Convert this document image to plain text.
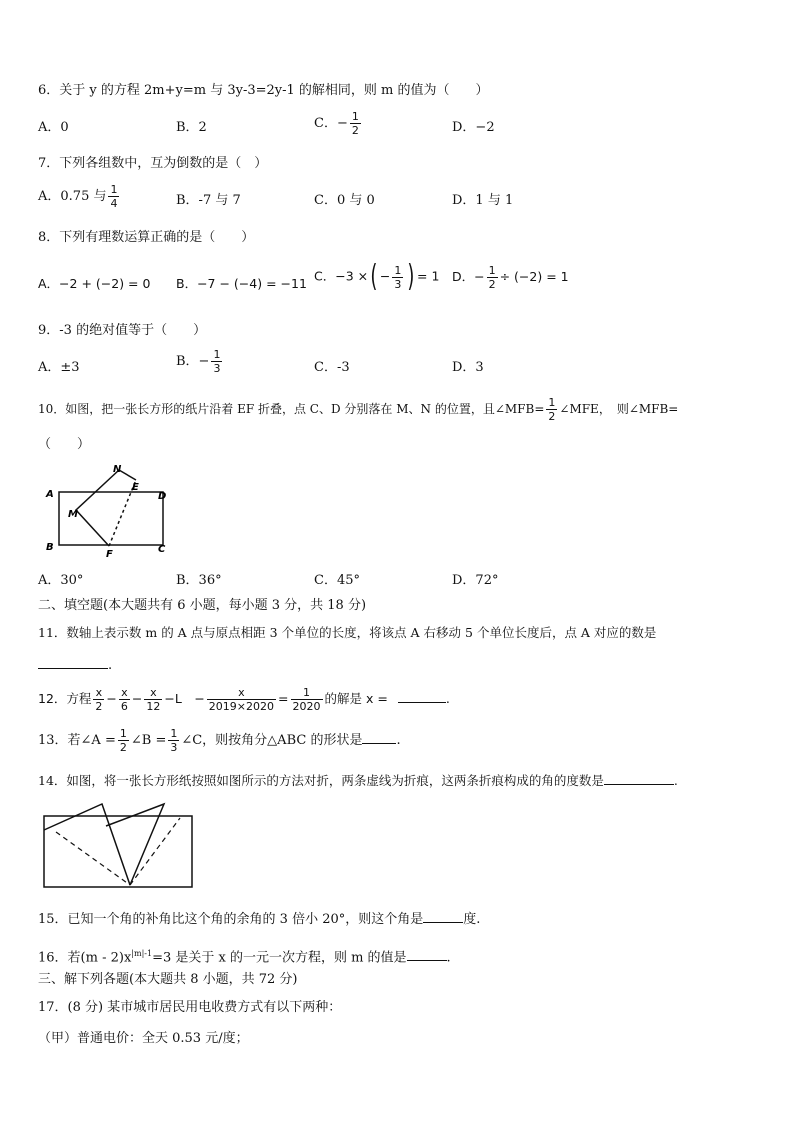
6．关于 y 的方程 2m+y=m 与 3y-3=2y-1 的解相同，则 m 的值为（　　）
A．0	B．2	C．− $\frac{1}{2}$	D．−2
7．下列各组数中，互为倒数的是（　）
A．0.75 与 $\frac{1}{4}$	B．-7 与 7	C．0 与 0	D．1 与 1
8．下列有理数运算正确的是（　　）
A．−2 + (−2) = 0 B．−7 − (−4) = −11 C．−3 ×( − $\frac{1}{3}$ ) = 1 D．− $\frac{1}{2} \div (-2) = 1$
9．-3 的绝对值等于（　　）
A．±3	B．− $\frac{1}{3}$	C．-3	D．3
10．如图，把一张长方形的纸片沿着 EF 折叠，点 C、D 分别落在 M、N 的位置，且∠MFB= $\frac{1}{2}$ ∠MFE，　则∠MFB=
（　　）
A
B	C
D
E
F
M
N
A．30°	B．36°	C．45°	D．72°
二、填空题(本大题共有 6 小题，每小题 3 分，共 18 分)
11．数轴上表示数 m 的 A 点与原点相距 3 个单位的长度，将该点 A 右移动 5 个单位长度后，点 A 对应的数是
.
12．方程 $\frac{x}{2} - \frac{x}{6} - \frac{x}{12} -L$　− $\frac{x}{2019\times 2020} = \frac{1}{2020}$ 的解是 x =	.
13．若∠A = $\frac{1}{2}$ ∠B = $\frac{1}{3}$ ∠C，则按角分△ABC 的形状是	.
14．如图，将一张长方形纸按照如图所示的方法对折，两条虚线为折痕，这两条折痕构成的角的度数是	.
15．已知一个角的补角比这个角的余角的 3 倍小 20°，则这个角是	度.
16．若$(m - 2)x^{|m|-1}=3$ 是关于 x 的一元一次方程，则 m 的值是	.
三、解下列各题(本大题共 8 小题，共 72 分)
17．(8 分) 某市城市居民用电收费方式有以下两种：
（甲）普通电价：全天 0.53 元/度；
